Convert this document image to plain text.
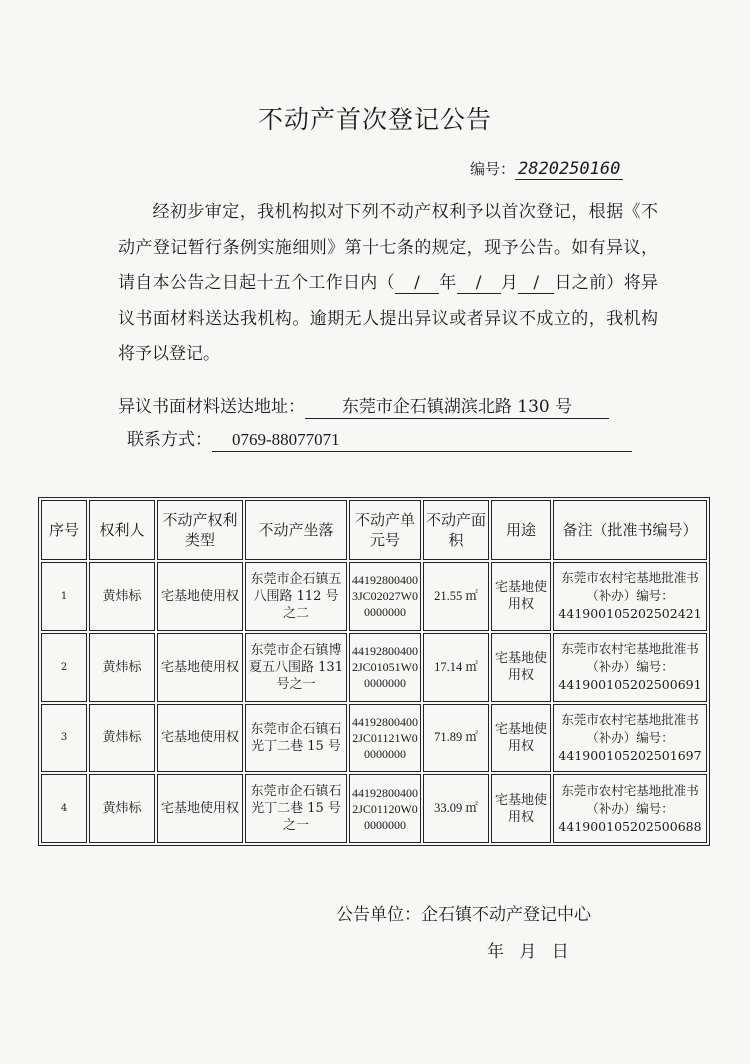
不动产首次登记公告
编号： 2820250160
经初步审定，我机构拟对下列不动产权利予以首次登记，根据《不动产登记暂行条例实施细则》第十七条的规定，现予公告。如有异议，请自本公告之日起十五个工作日内（ / 年 / 月 / 日之前）将异议书面材料送达我机构。逾期无人提出异议或者异议不成立的，我机构将予以登记。
异议书面材料送达地址： 东莞市企石镇湖滨北路 130 号
联系方式： 0769-88077071
序号	权利人	不动产权利类型	不动产坐落	不动产单元号	不动产面积	用途	备注（批准书编号）
1	黄炜标	宅基地使用权	东莞市企石镇五八围路 112 号之二	441928004003JC02027W00000000	21.55 ㎡	宅基地使用权	东莞市农村宅基地批准书（补办）编号：441900105202502421
2	黄炜标	宅基地使用权	东莞市企石镇博夏五八围路 131 号之一	441928004002JC01051W00000000	17.14 ㎡	宅基地使用权	东莞市农村宅基地批准书（补办）编号：441900105202500691
3	黄炜标	宅基地使用权	东莞市企石镇石光丁二巷 15 号	441928004002JC01121W00000000	71.89 ㎡	宅基地使用权	东莞市农村宅基地批准书（补办）编号：441900105202501697
4	黄炜标	宅基地使用权	东莞市企石镇石光丁二巷 15 号之一	441928004002JC01120W00000000	33.09 ㎡	宅基地使用权	东莞市农村宅基地批准书（补办）编号：441900105202500688
公告单位：企石镇不动产登记中心
年 月 日
